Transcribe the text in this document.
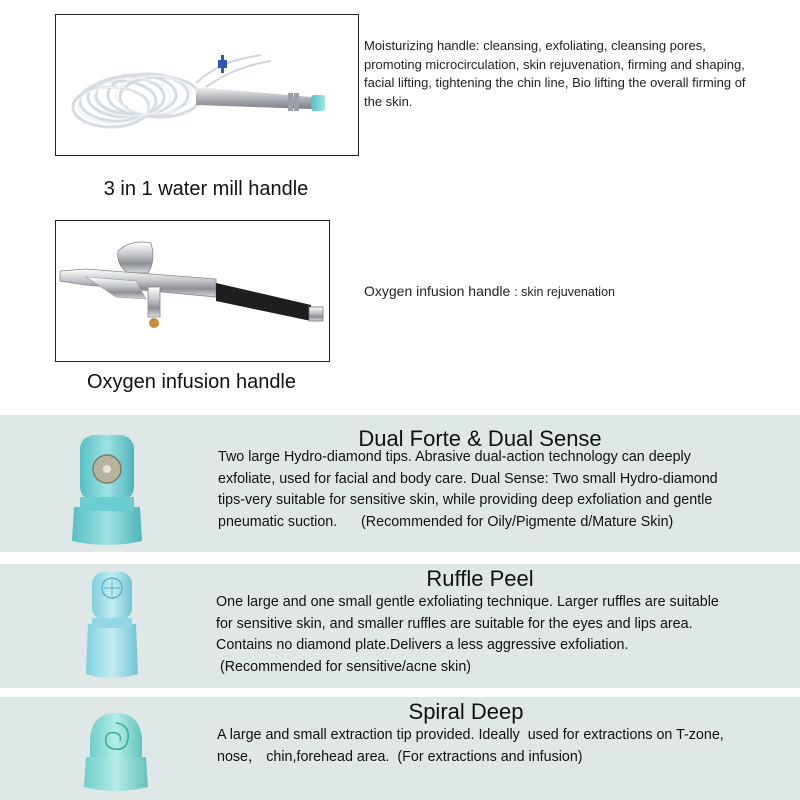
3 in 1 water mill handle
Moisturizing handle: cleansing, exfoliating, cleansing pores, promoting microcirculation, skin rejuvenation, firming and shaping, facial lifting, tightening the chin line, Bio lifting the overall firming of the skin.
Oxygen infusion handle
Oxygen infusion handle : skin rejuvenation
Dual Forte & Dual Sense
Two large Hydro-diamond tips. Abrasive dual-action technology can deeply
exfoliate, used for facial and body care. Dual Sense: Two small Hydro-diamond
tips-very suitable for sensitive skin, while providing deep exfoliation and gentle
pneumatic suction.      (Recommended for Oily/Pigmente d/Mature Skin)
Ruffle Peel
One large and one small gentle exfoliating technique. Larger ruffles are suitable
for sensitive skin, and smaller ruffles are suitable for the eyes and lips area.
Contains no diamond plate.Delivers a less aggressive exfoliation.
(Recommended for sensitive/acne skin)
Spiral Deep
A large and small extraction tip provided. Ideally  used for extractions on T-zone,
nose， chin,forehead area.  (For extractions and infusion)
